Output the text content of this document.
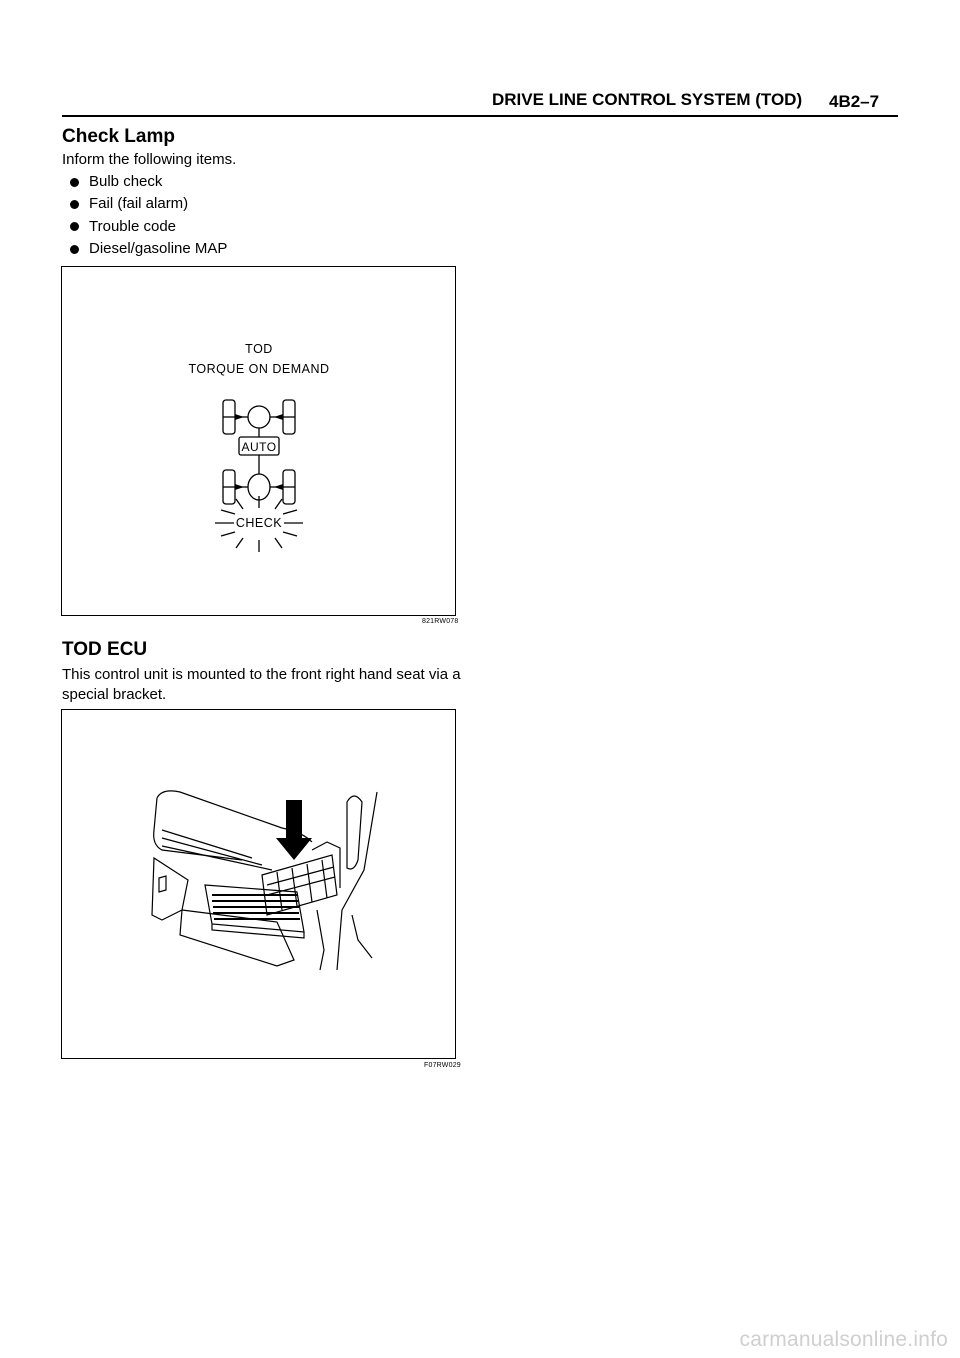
DRIVE LINE CONTROL SYSTEM (TOD) 4B2–7
Check Lamp
Inform the following items.
Bulb check
Fail (fail alarm)
Trouble code
Diesel/gasoline MAP
TOD
TORQUE ON DEMAND
AUTO
CHECK
821RW078
TOD ECU
This control unit is mounted to the front right hand seat via a special bracket.
F07RW029
carmanualsonline.info
